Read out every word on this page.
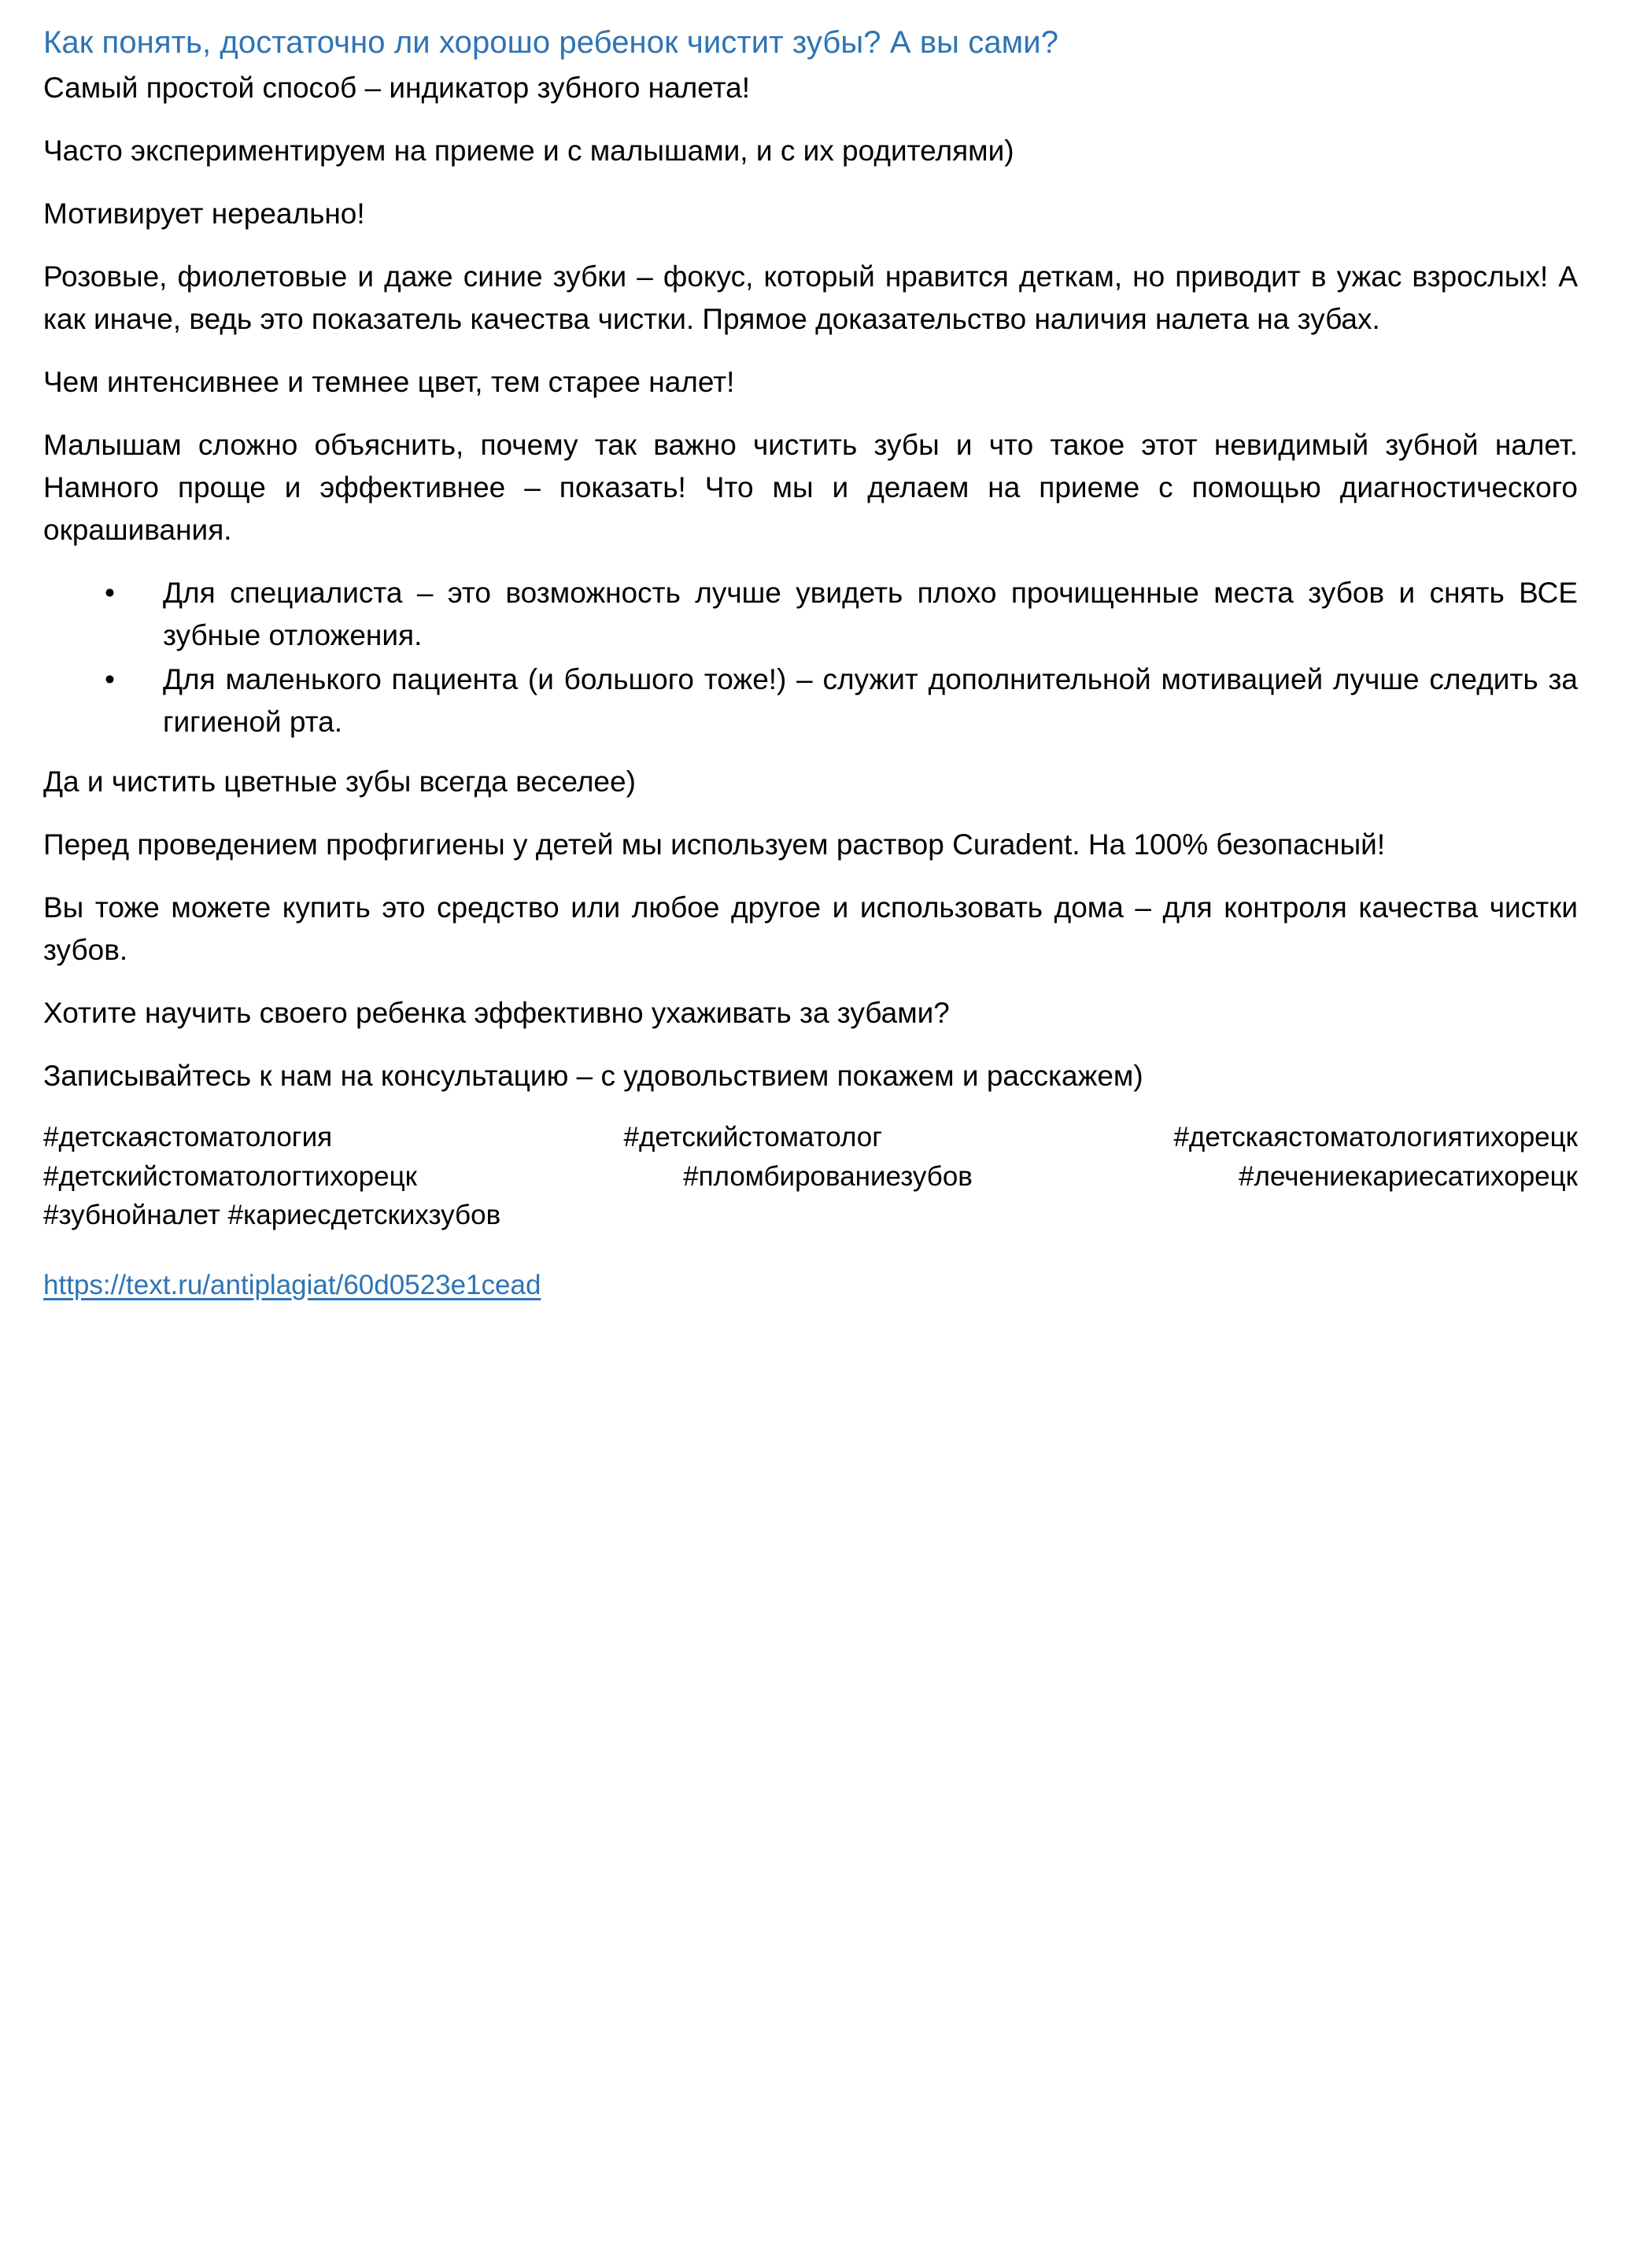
Как понять, достаточно ли хорошо ребенок чистит зубы? А вы сами?

Самый простой способ – индикатор зубного налета!

Часто экспериментируем на приеме и с малышами, и с их родителями)

Мотивирует нереально!

Розовые, фиолетовые и даже синие зубки – фокус, который нравится деткам, но приводит в ужас взрослых! А как иначе, ведь это показатель качества чистки. Прямое доказательство наличия налета на зубах.

Чем интенсивнее и темнее цвет, тем старее налет!

Малышам сложно объяснить, почему так важно чистить зубы и что такое этот невидимый зубной налет. Намного проще и эффективнее – показать! Что мы и делаем на приеме с помощью диагностического окрашивания.

• Для специалиста – это возможность лучше увидеть плохо прочищенные места зубов и снять ВСЕ зубные отложения.
• Для маленького пациента (и большого тоже!) – служит дополнительной мотивацией лучше следить за гигиеной рта.

Да и чистить цветные зубы всегда веселее)

Перед проведением профгигиены у детей мы используем раствор Curadent. На 100% безопасный!

Вы тоже можете купить это средство или любое другое и использовать дома – для контроля качества чистки зубов.

Хотите научить своего ребенка эффективно ухаживать за зубами?

Записывайтесь к нам на консультацию – с удовольствием покажем и расскажем)

#детскаястоматология	#детскийстоматолог	#детскаястоматологиятихорецк
#детскийстоматологтихорецк	#пломбированиезубов	#лечениекариесатихорецк
#зубнойналет #кариесдетскихзубов
https://text.ru/antiplagiat/60d0523e1cead
